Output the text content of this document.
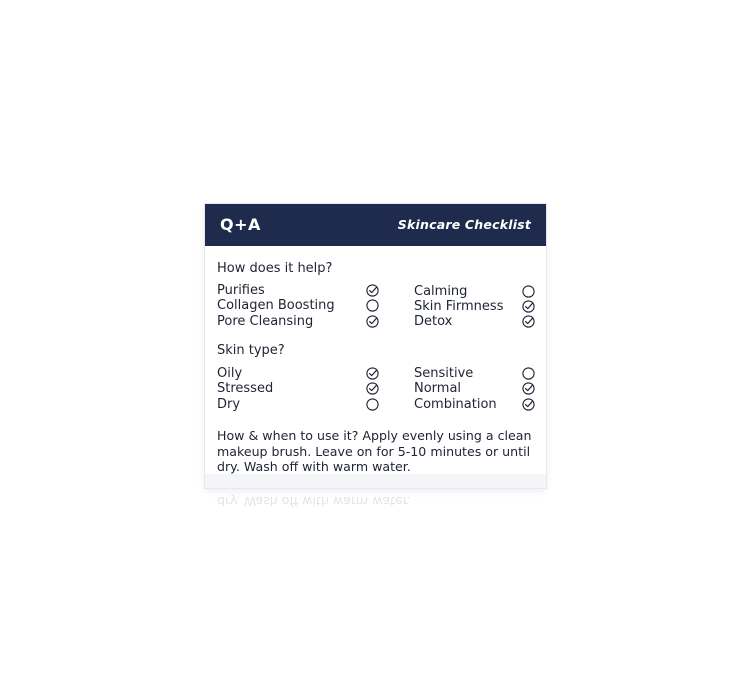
Q+A	Skincare Checklist
How does it help?
Purifies
Collagen Boosting
Pore Cleansing
Calming
Skin Firmness
Detox
Skin type?
Oily
Stressed
Dry
Sensitive
Normal
Combination
How & when to use it? Apply evenly using a clean makeup brush. Leave on for 5-10 minutes or until dry. Wash off with warm water.
dry. Wash off with warm water.
